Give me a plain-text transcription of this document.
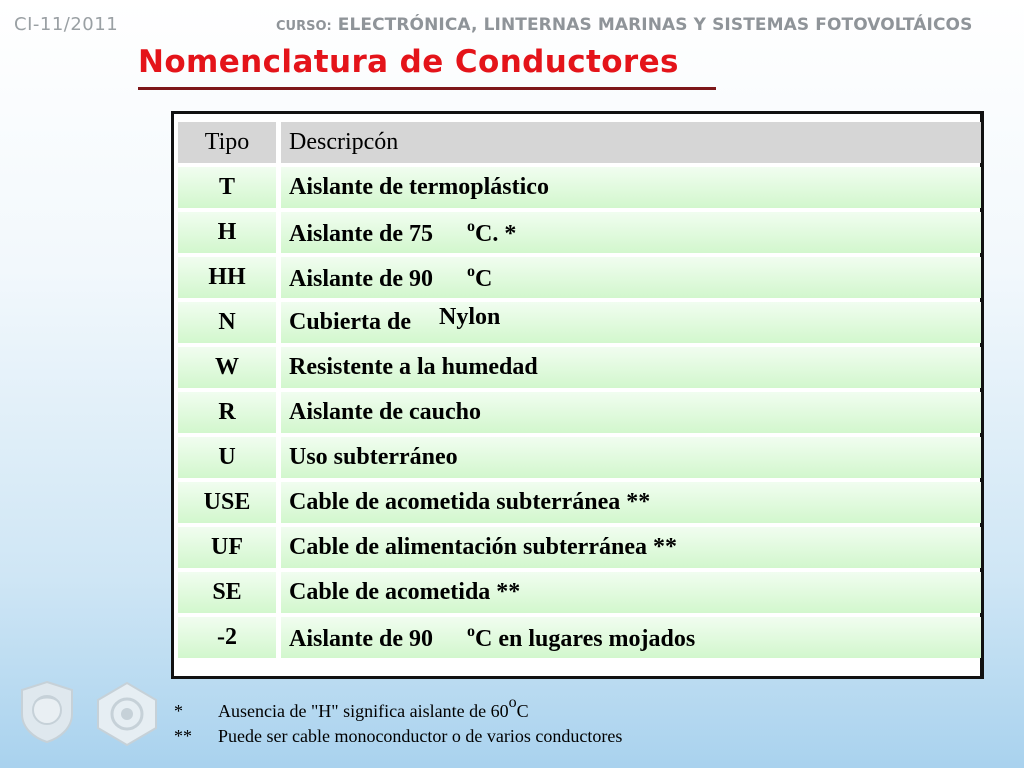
CI-11/2011	CURSO: ELECTRÓNICA, LINTERNAS MARINAS Y SISTEMAS FOTOVOLTÁICOS
Nomenclatura de Conductores
Tipo	Descripcón
T	Aislante de termoplástico
H	Aislante de 75 $^o$C. *
HH	Aislante de 90 $^o$C
N	Cubierta de Nylon
W	Resistente a la humedad
R	Aislante de caucho
U	Uso subterráneo
USE	Cable de acometida subterránea **
UF	Cable de alimentación subterránea **
SE	Cable de acometida **
-2	Aislante de 90 $^o$C en lugares mojados
* Ausencia de "H" significa aislante de 60oC
** Puede ser cable monoconductor o de varios conductores
